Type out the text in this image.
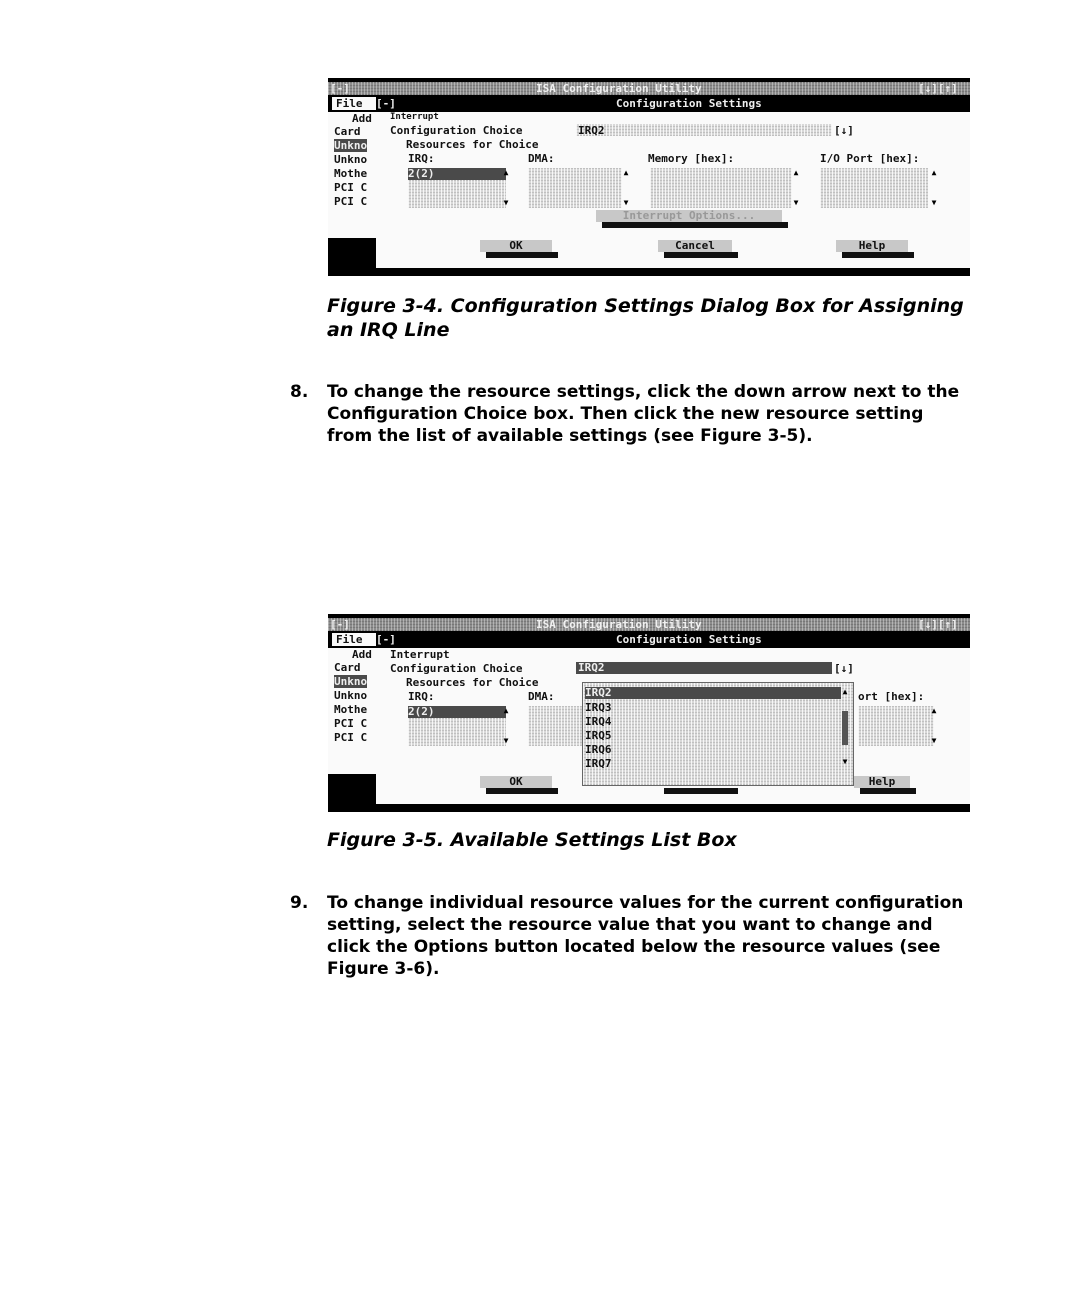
[-]	ISA Configuration Utility	[↓][↑]
File	[-]	Configuration Settings
Add
Card
Unkno
Unkno
Mothe
PCI C
PCI C
Interrupt
Configuration Choice	IRQ2	[↓]
Resources for Choice
IRQ:	DMA:	Memory [hex]:	I/O Port [hex]:
2(2)	▲
▼
▲
▼
▲
▼
▲
▼
Interrupt Options...
OK	Cancel	Help
Figure 3-4. Configuration Settings Dialog Box for Assigning an IRQ Line
8. To change the resource settings, click the down arrow next to the Configuration Choice box. Then click the new resource setting from the list of available settings (see Figure 3-5).
[-]	ISA Configuration Utility	[↓][↑]
File	[-]	Configuration Settings
Add
Card
Unkno
Unkno
Mothe
PCI C
PCI C
Interrupt
Configuration Choice	IRQ2	[↓]
Resources for Choice
IRQ:	DMA:	ort [hex]:
2(2)	▲
▼
▲
▼
IRQ2
IRQ3
IRQ4
IRQ5
IRQ6
IRQ7
▲
▼
OK	Help
Figure 3-5. Available Settings List Box
9. To change individual resource values for the current configuration setting, select the resource value that you want to change and click the Options button located below the resource values (see Figure 3-6).
